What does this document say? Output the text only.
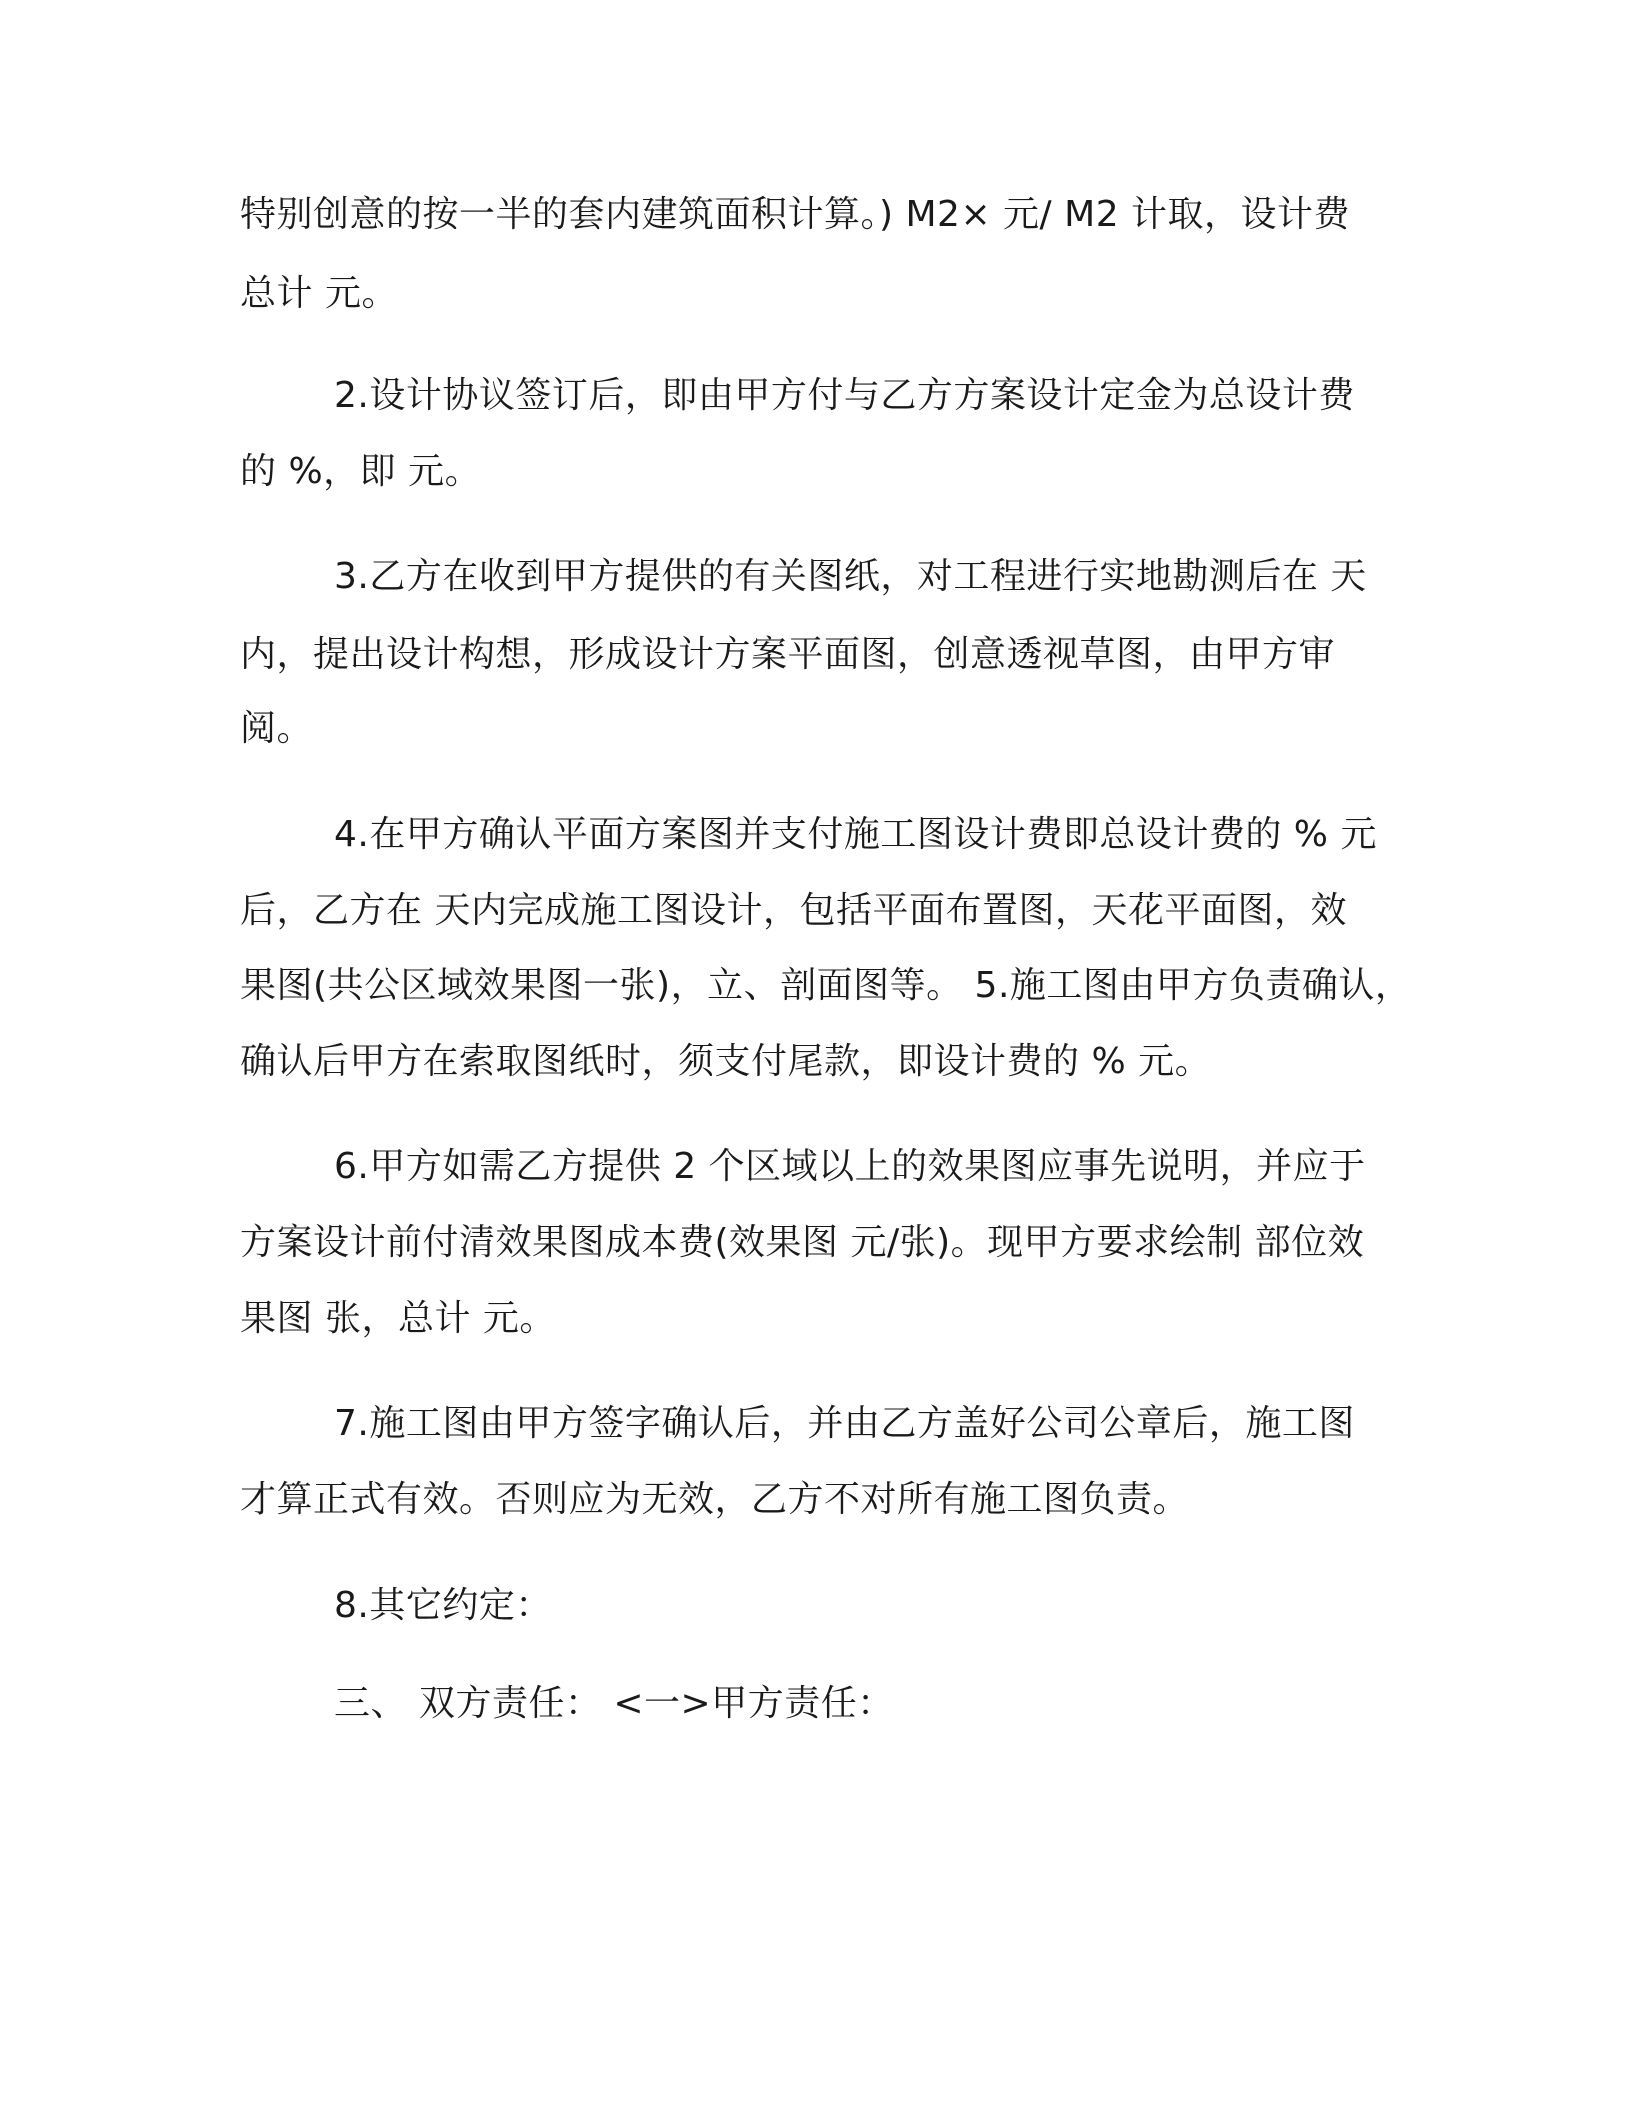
特别创意的按一半的套内建筑面积计算。) M2× 元/ M2 计取，设计费
总计 元。
2.设计协议签订后，即由甲方付与乙方方案设计定金为总设计费
的 %，即 元。
3.乙方在收到甲方提供的有关图纸，对工程进行实地勘测后在 天
内，提出设计构想，形成设计方案平面图，创意透视草图，由甲方审
阅。
4.在甲方确认平面方案图并支付施工图设计费即总设计费的 % 元
后，乙方在 天内完成施工图设计，包括平面布置图，天花平面图，效
果图(共公区域效果图一张)，立、剖面图等。 5.施工图由甲方负责确认，
确认后甲方在索取图纸时，须支付尾款，即设计费的 % 元。
6.甲方如需乙方提供 2 个区域以上的效果图应事先说明，并应于
方案设计前付清效果图成本费(效果图 元/张)。现甲方要求绘制 部位效
果图 张，总计 元。
7.施工图由甲方签字确认后，并由乙方盖好公司公章后，施工图
才算正式有效。否则应为无效，乙方不对所有施工图负责。
8.其它约定：
三、 双方责任： <一>甲方责任：
